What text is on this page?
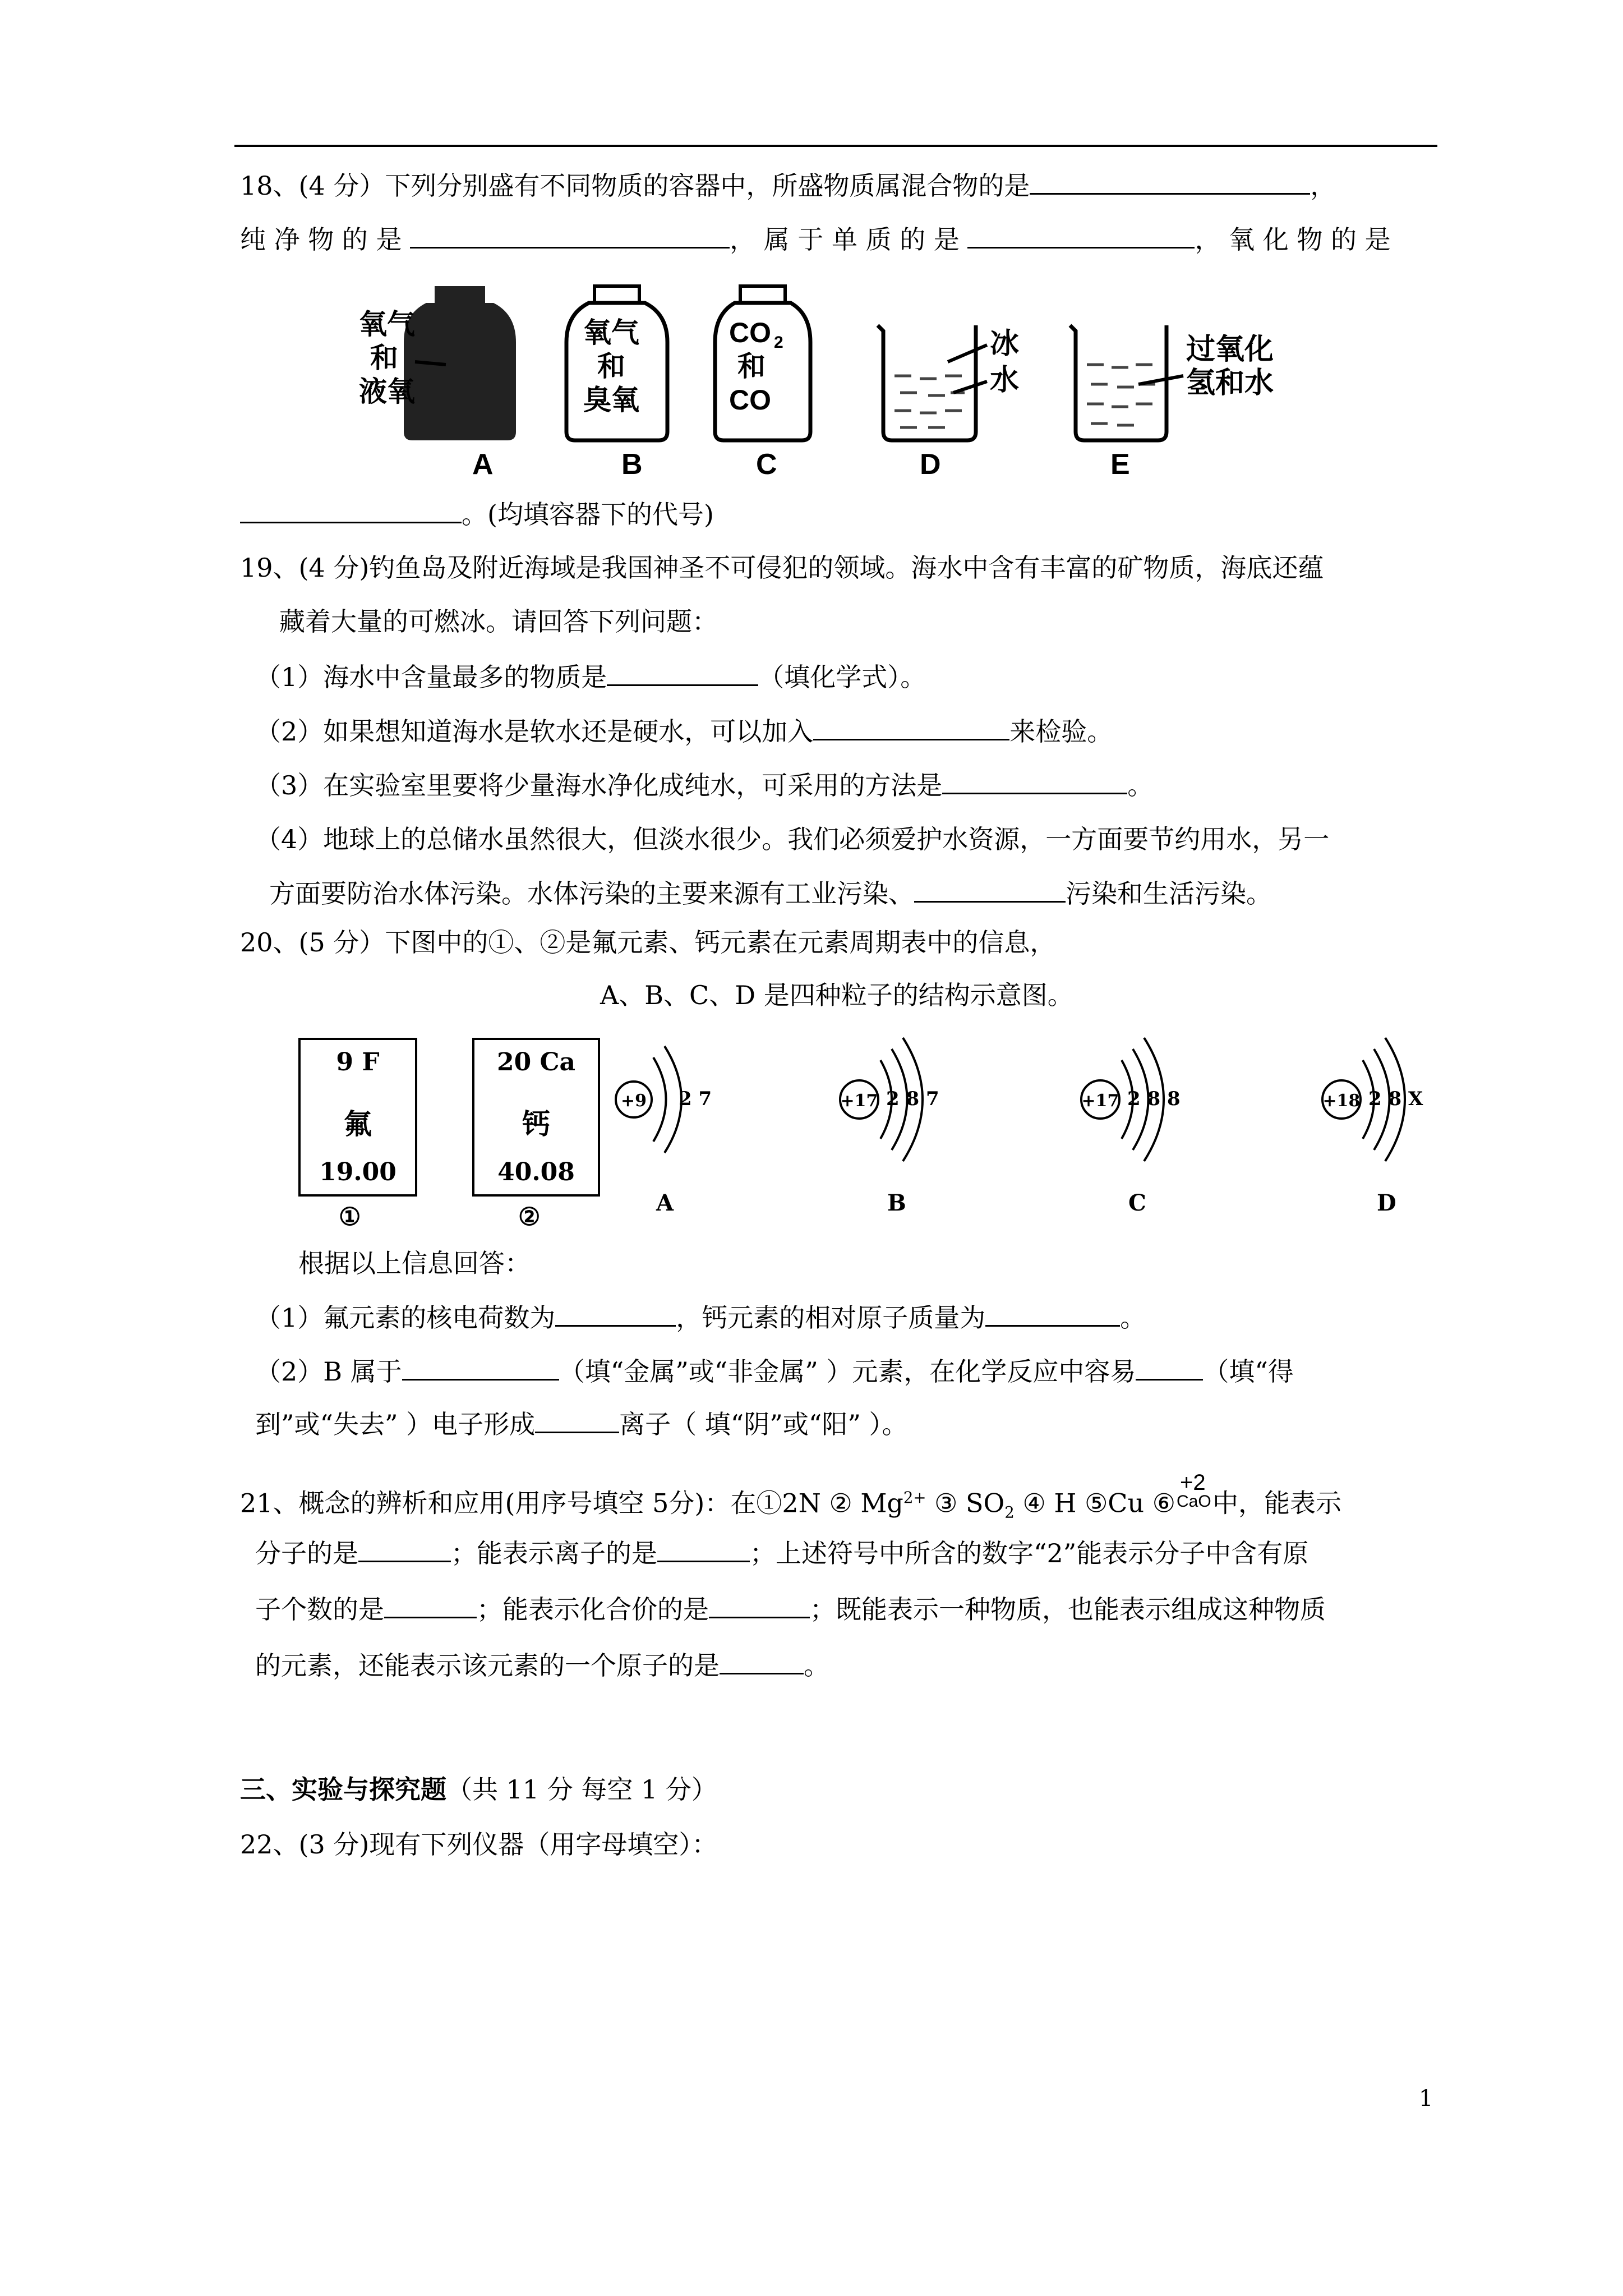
18、(4 分）下列分别盛有不同物质的容器中，所盛物质属混合物的是	，
纯 净 物 的 是	， 属 于 单 质 的 是	， 氧 化 物 的 是
氧气
和
液氧
A
氧气
和
臭氧
B
CO 2
和
CO
C
冰
水
D
过氧化
氢和水
E
。(均填容器下的代号)
19、(4 分)钓鱼岛及附近海域是我国神圣不可侵犯的领域。海水中含有丰富的矿物质，海底还蕴
藏着大量的可燃冰。请回答下列问题：
（1）海水中含量最多的物质是	（填化学式）。
（2）如果想知道海水是软水还是硬水，可以加入	来检验。
（3）在实验室里要将少量海水净化成纯水，可采用的方法是	。
（4）地球上的总储水虽然很大，但淡水很少。我们必须爱护水资源，一方面要节约用水，另一
方面要防治水体污染。水体污染的主要来源有工业污染、	污染和生活污染。
20、(5 分）下图中的①、②是氟元素、钙元素在元素周期表中的信息，
A、B、C、D 是四种粒子的结构示意图。
9 F
氟
19.00
①
20 Ca
钙
40.08
②
+9 2 7
A
+17 2 8 7
B
+17 2 8 8
C
+18 2 8 X
D
根据以上信息回答：
（1）氟元素的核电荷数为	，钙元素的相对原子质量为	。
（2）B 属于	（填“金属”或“非金属” ）元素，在化学反应中容易	（填“得
到”或“失去” ）电子形成	离子（ 填“阴”或“阳” ）。
21、概念的辨析和应用(用序号填空 5分)：在①2N ② $Mg^{2+}$ ③ $SO_2$ ④ H ⑤Cu ⑥
+2
CaO 中，能表示
分子的是	；能表示离子的是	；上述符号中所含的数字“2”能表示分子中含有原
子个数的是	；能表示化合价的是	；既能表示一种物质，也能表示组成这种物质
的元素，还能表示该元素的一个原子的是	。
三、实验与探究题（共 11 分 每空 1 分）
22、(3 分)现有下列仪器（用字母填空）：
1
